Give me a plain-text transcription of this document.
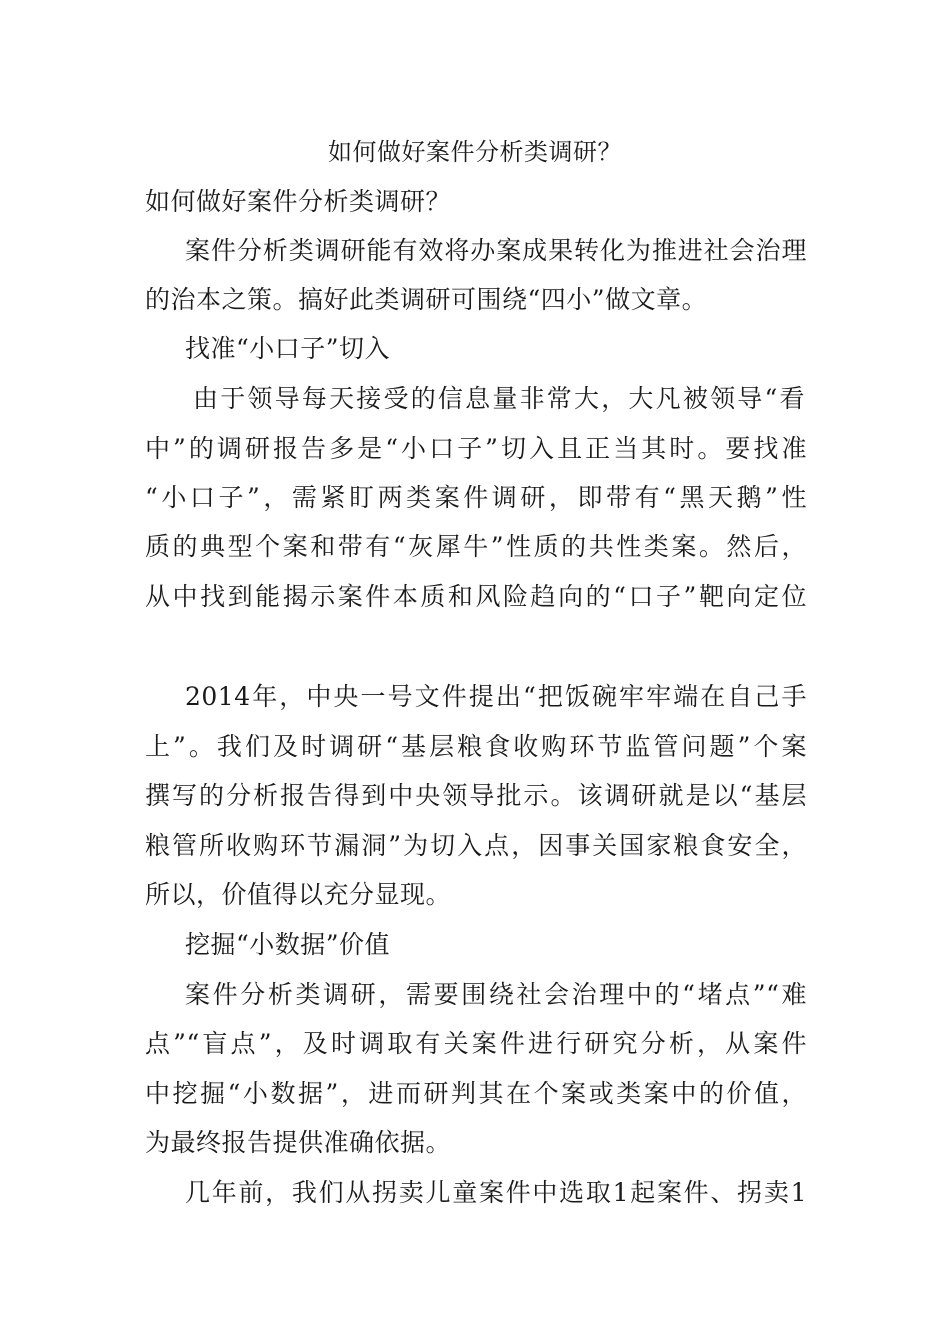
如何做好案件分析类调研？
如何做好案件分析类调研？
案件分析类调研能有效将办案成果转化为推进社会治理
的治本之策。搞好此类调研可围绕“四小”做文章。
找准“小口子”切入
由于领导每天接受的信息量非常大，大凡被领导“看
中”的调研报告多是“小口子”切入且正当其时。要找准
“小口子”，需紧盯两类案件调研，即带有“黑天鹅”性
质的典型个案和带有“灰犀牛”性质的共性类案。然后，
从中找到能揭示案件本质和风险趋向的“口子”靶向定位
2014年，中央一号文件提出“把饭碗牢牢端在自己手
上”。我们及时调研“基层粮食收购环节监管问题”个案
撰写的分析报告得到中央领导批示。该调研就是以“基层
粮管所收购环节漏洞”为切入点，因事关国家粮食安全，
所以，价值得以充分显现。
挖掘“小数据”价值
案件分析类调研，需要围绕社会治理中的“堵点”“难
点”“盲点”，及时调取有关案件进行研究分析，从案件
中挖掘“小数据”，进而研判其在个案或类案中的价值，
为最终报告提供准确依据。
几年前，我们从拐卖儿童案件中选取1起案件、拐卖1
